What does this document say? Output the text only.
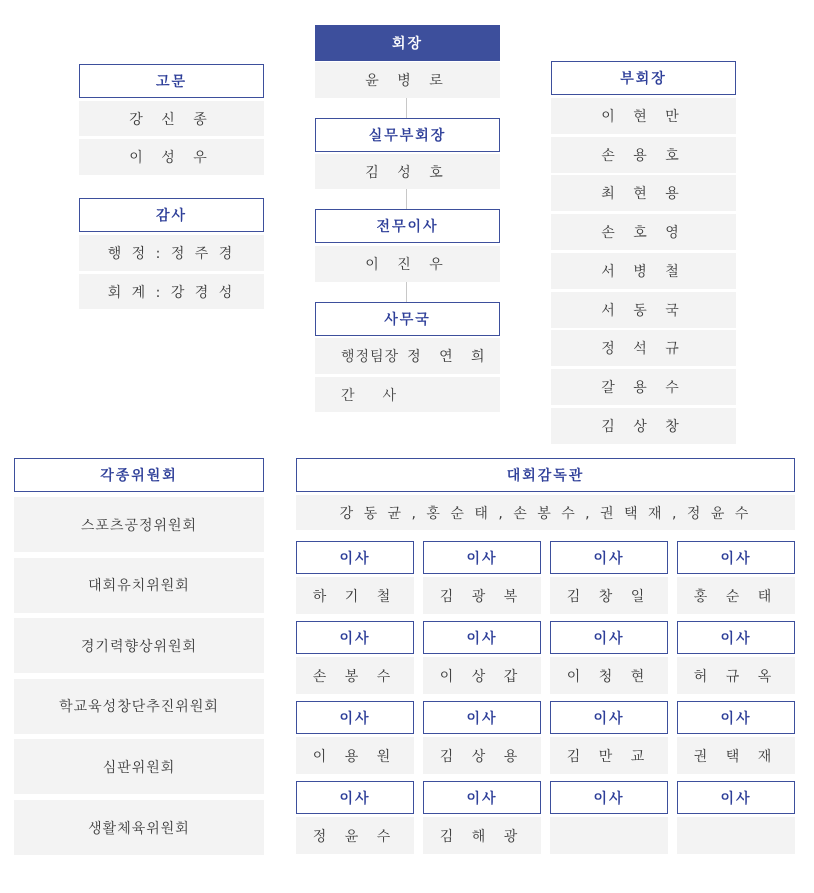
회장
윤 병 로
실무부회장
김 성 호
전무이사
이 진 우
사무국
행정팀장 정 연 희
간 사
고문
강 신 종
이 성 우
감사
행 정 : 정 주 경
회 계 : 강 경 성
부회장
이 현 만
손 용 호
최 현 용
손 호 영
서 병 철
서 동 국
정 석 규
갈 용 수
김 상 창
각종위원회
스포츠공정위원회
대회유치위원회
경기력향상위원회
학교육성창단추진위원회
심판위원회
생활체육위원회
대회감독관
강 동 균 , 홍 순 태 , 손 봉 수 , 권 택 재 , 정 윤 수
이사
하 기 철
이사
김 광 복
이사
김 창 일
이사
홍 순 태
이사
손 봉 수
이사
이 상 갑
이사
이 청 현
이사
허 규 옥
이사
이 용 원
이사
김 상 용
이사
김 만 교
이사
권 택 재
이사
정 윤 수
이사
김 해 광
이사	이사
